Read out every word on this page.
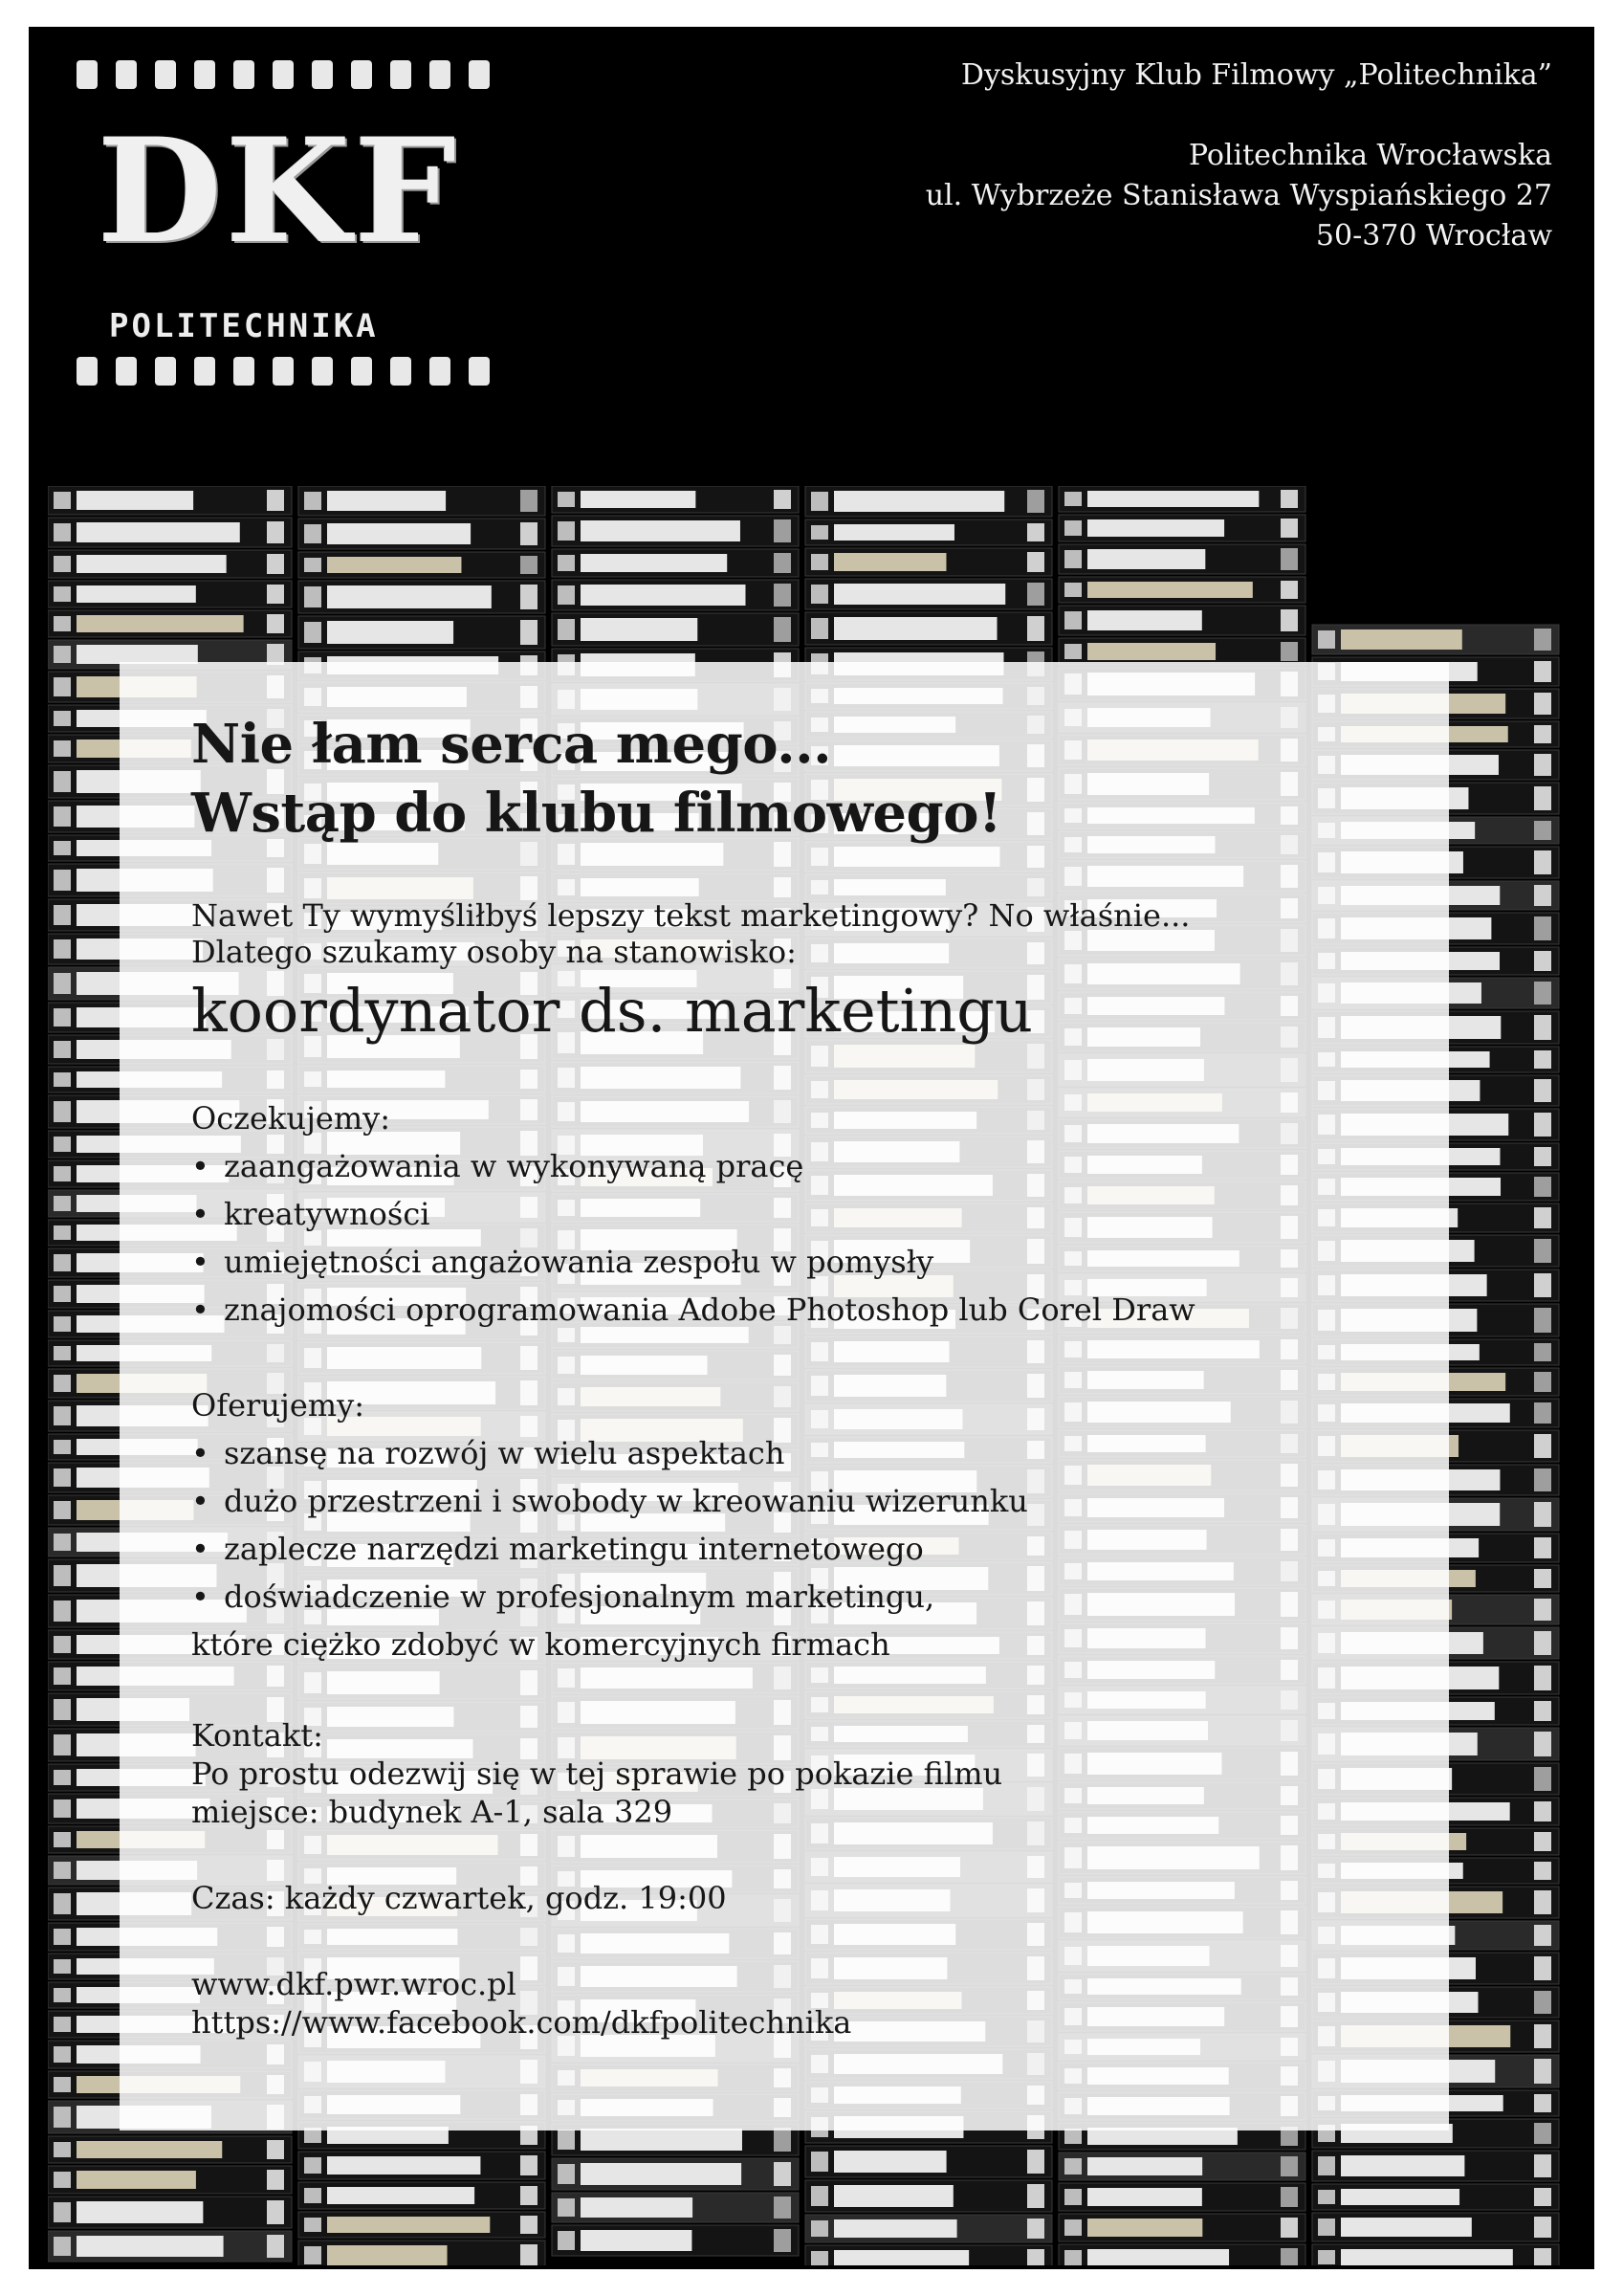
DKF
POLITECHNIKA
Dyskusyjny Klub Filmowy „Politechnika”
Politechnika Wrocławska
ul. Wybrzeże Stanisława Wyspiańskiego 27
50-370 Wrocław
Nie łam serca mego...
Wstąp do klubu filmowego!
Nawet Ty wymyśliłbyś lepszy tekst marketingowy? No właśnie...
Dlatego szukamy osoby na stanowisko:
koordynator ds. marketingu
Oczekujemy:
• zaangażowania w wykonywaną pracę
• kreatywności
• umiejętności angażowania zespołu w pomysły
• znajomości oprogramowania Adobe Photoshop lub Corel Draw
Oferujemy:
• szansę na rozwój w wielu aspektach
• dużo przestrzeni i swobody w kreowaniu wizerunku
• zaplecze narzędzi marketingu internetowego
• doświadczenie w profesjonalnym marketingu,
które ciężko zdobyć w komercyjnych firmach
Kontakt:
Po prostu odezwij się w tej sprawie po pokazie filmu
miejsce: budynek A-1, sala 329
Czas: każdy czwartek, godz. 19:00
www.dkf.pwr.wroc.pl
https://www.facebook.com/dkfpolitechnika
